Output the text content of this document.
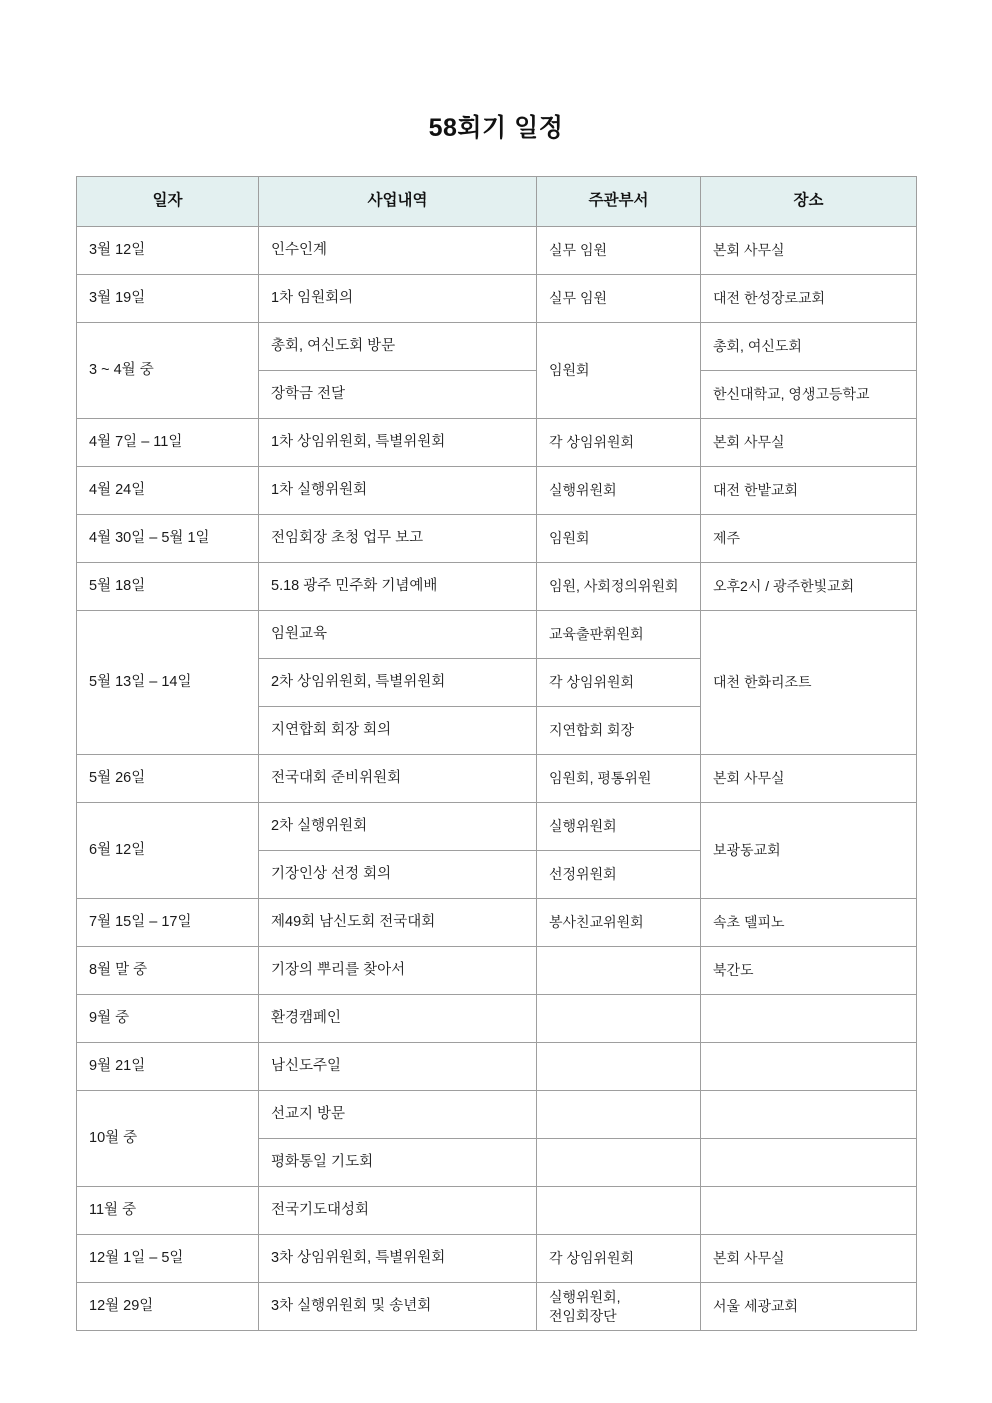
58회기 일정
일자	사업내역	주관부서	장소
3월 12일	인수인계	실무 임원	본회 사무실
3월 19일	1차 임원회의	실무 임원	대전 한성장로교회
3 ~ 4월 중	총회, 여신도회 방문	임원회	총회, 여신도회
	장학금 전달		한신대학교, 영생고등학교
4월 7일 – 11일	1차 상임위원회, 특별위원회	각 상임위원회	본회 사무실
4월 24일	1차 실행위원회	실행위원회	대전 한밭교회
4월 30일 – 5월 1일	전임회장 초청 업무 보고	임원회	제주
5월 18일	5.18 광주 민주화 기념예배	임원, 사회정의위원회	오후2시 / 광주한빛교회
5월 13일 – 14일	임원교육	교육출판휘원회	대천 한화리조트
	2차 상임위원회, 특별위원회	각 상임위원회	
	지연합회 회장 회의	지연합회 회장	
5월 26일	전국대회 준비위원회	임원회, 평통위원	본회 사무실
6월 12일	2차 실행위원회	실행위원회	보광동교회
	기장인상 선정 회의	선정위원회	
7월 15일 – 17일	제49회 남신도회 전국대회	봉사친교위원회	속초 델피노
8월 말 중	기장의 뿌리를 찾아서		북간도
9월 중	환경캠페인		
9월 21일	남신도주일		
10월 중	선교지 방문		
	평화통일 기도회		
11월 중	전국기도대성회		
12월 1일 – 5일	3차 상임위원회, 특별위원회	각 상임위원회	본회 사무실
12월 29일	3차 실행위원회 및 송년회	실행위원회, 전임회장단	서울 세광교회
